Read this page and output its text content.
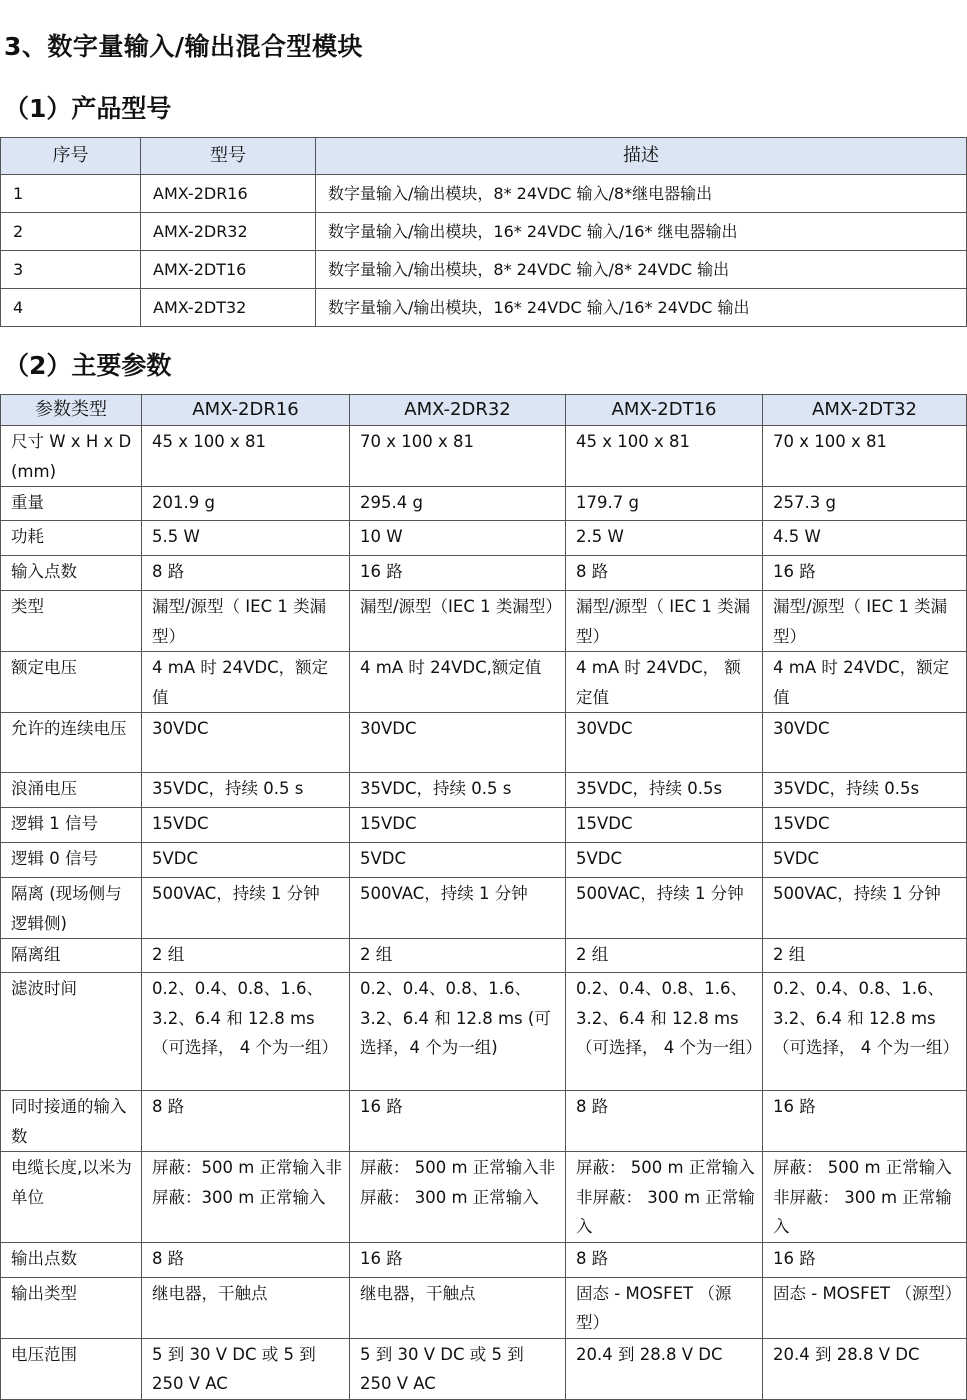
3、数字量输入/输出混合型模块
（1）产品型号
序号	型号	描述
1	AMX-2DR16	数字量输入/输出模块，8* 24VDC 输入/8*继电器输出
2	AMX-2DR32	数字量输入/输出模块，16* 24VDC 输入/16* 继电器输出
3	AMX-2DT16	数字量输入/输出模块，8* 24VDC 输入/8* 24VDC 输出
4	AMX-2DT32	数字量输入/输出模块，16* 24VDC 输入/16* 24VDC 输出
（2）主要参数
参数类型	AMX-2DR16	AMX-2DR32	AMX-2DT16	AMX-2DT32
尺寸 W x H x D (mm)	45 x 100 x 81	70 x 100 x 81	45 x 100 x 81	70 x 100 x 81
重量	201.9 g	295.4 g	179.7 g	257.3 g
功耗	5.5 W	10 W	2.5 W	4.5 W
输入点数	8 路	16 路	8 路	16 路
类型	漏型/源型（ IEC 1 类漏型）	漏型/源型（IEC 1 类漏型）	漏型/源型（ IEC 1 类漏型）	漏型/源型（ IEC 1 类漏型）
额定电压	4 mA 时 24VDC，额定值	4 mA 时 24VDC,额定值	4 mA 时 24VDC， 额定值	4 mA 时 24VDC，额定值
允许的连续电压	30VDC	30VDC	30VDC	30VDC
浪涌电压	35VDC，持续 0.5 s	35VDC，持续 0.5 s	35VDC，持续 0.5s	35VDC，持续 0.5s
逻辑 1 信号	15VDC	15VDC	15VDC	15VDC
逻辑 0 信号	5VDC	5VDC	5VDC	5VDC
隔离 (现场侧与逻辑侧)	500VAC，持续 1 分钟	500VAC，持续 1 分钟	500VAC，持续 1 分钟	500VAC，持续 1 分钟
隔离组	2 组	2 组	2 组	2 组
滤波时间	0.2、0.4、0.8、1.6、3.2、6.4 和 12.8 ms（可选择， 4 个为一组）	0.2、0.4、0.8、1.6、3.2、6.4 和 12.8 ms (可选择，4 个为一组)	0.2、0.4、0.8、1.6、3.2、6.4 和 12.8 ms（可选择， 4 个为一组）	0.2、0.4、0.8、1.6、3.2、6.4 和 12.8 ms（可选择， 4 个为一组）
同时接通的输入数	8 路	16 路	8 路	16 路
电缆长度,以米为单位	屏蔽：500 m 正常输入非屏蔽：300 m 正常输入	屏蔽： 500 m 正常输入非屏蔽： 300 m 正常输入	屏蔽： 500 m 正常输入非屏蔽： 300 m 正常输入	屏蔽： 500 m 正常输入非屏蔽： 300 m 正常输入
输出点数	8 路	16 路	8 路	16 路
输出类型	继电器，干触点	继电器，干触点	固态 - MOSFET （源型）	固态 - MOSFET （源型）
电压范围	5 到 30 V DC 或 5 到 250 V AC	5 到 30 V DC 或 5 到 250 V AC	20.4 到 28.8 V DC	20.4 到 28.8 V DC
